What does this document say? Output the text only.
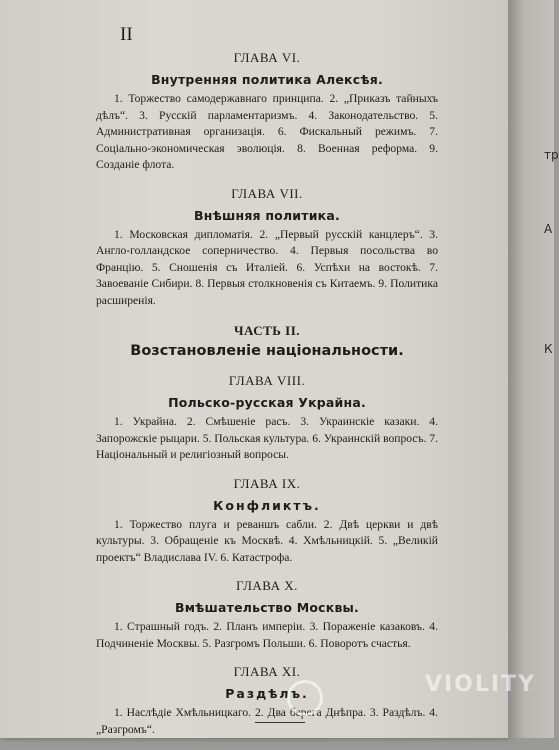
II

ГЛАВА VI.

Внутренняя политика Алексѣя.

1. Торжество самодержавнаго принципа. 2. „Приказъ тайныхъ дѣлъ“. 3. Русскій парламентаризмъ. 4. Законодательство. 5. Административная организація. 6. Фискальный режимъ. 7. Соціально-экономическая эволюція. 8. Военная реформа. 9. Созданіе флота.

ГЛАВА VII.

Внѣшняя политика.

1. Московская дипломатія. 2. „Первый русскій канцлеръ“. 3. Англо-голландское соперничество. 4. Первыя посольства во Францію. 5. Сношенія съ Италіей. 6. Успѣхи на востокѣ. 7. Завоеваніе Сибири. 8. Первыя столкновенія съ Китаемъ. 9. Политика расширенія.

ЧАСТЬ II.

Возстановленіе національности.

ГЛАВА VIII.

Польско-русская Украйна.

1. Украйна. 2. Смѣшеніе расъ. 3. Украинскіе казаки. 4. Запорожскіе рыцари. 5. Польская культура. 6. Украинскій вопросъ. 7. Національный и религіозный вопросы.

ГЛАВА IX.

Конфликтъ.

1. Торжество плуга и реваншъ сабли. 2. Двѣ церкви и двѣ культуры. 3. Обращеніе къ Москвѣ. 4. Хмѣльницкій. 5. „Великій проектъ“ Владислава IV. 6. Катастрофа.

ГЛАВА X.

Вмѣшательство Москвы.

1. Страшный годъ. 2. Планъ имперіи. 3. Пораженіе казаковъ. 4. Подчиненіе Москвы. 5. Разгромъ Польши. 6. Поворотъ счастья.

ГЛАВА XI.

Раздѣлъ.

1. Наслѣдіе Хмѣльницкаго. 2. Два берега Днѣпра. 3. Раздѣлъ. 4. „Разгромъ“.

тр
А
К
VIOLITY
